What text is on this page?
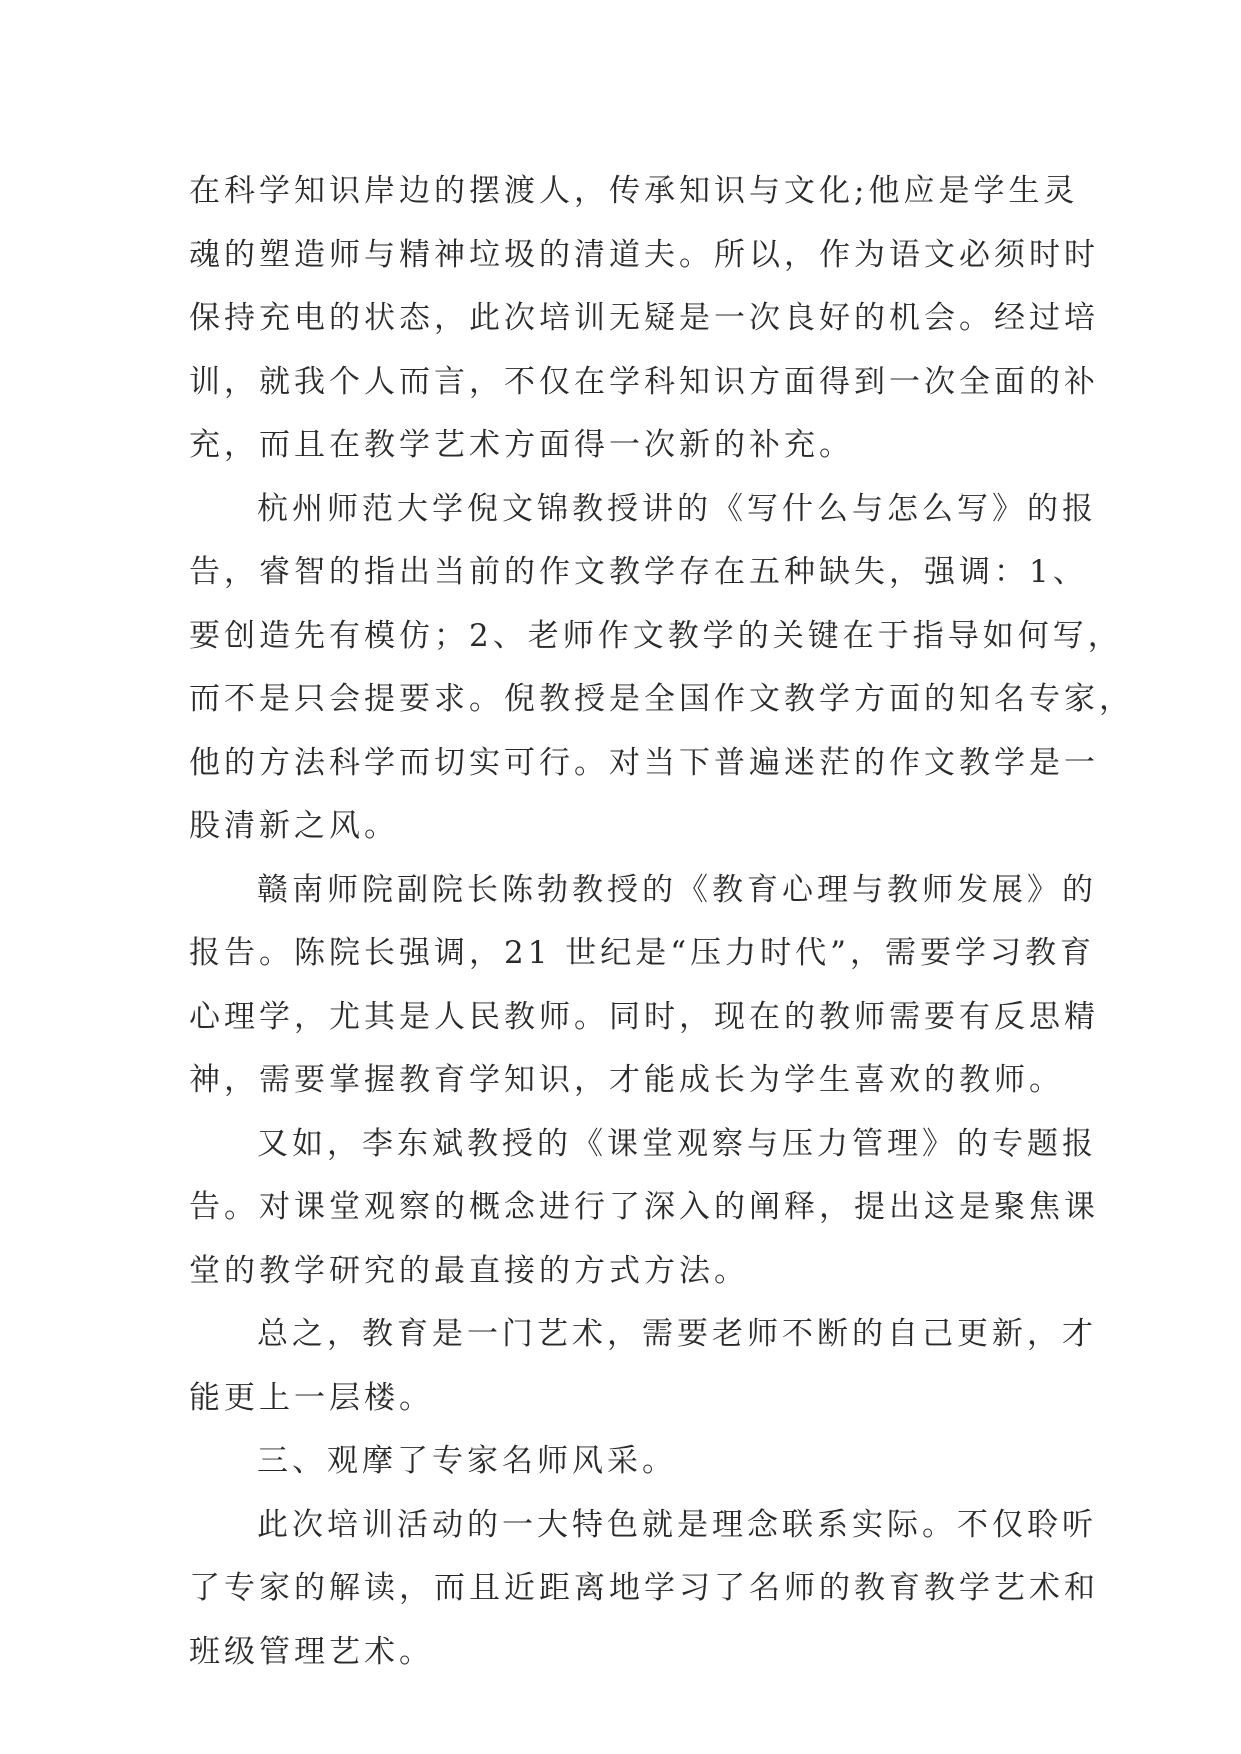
在科学知识岸边的摆渡人，传承知识与文化;他应是学生灵
魂的塑造师与精神垃圾的清道夫。所以，作为语文必须时时
保持充电的状态，此次培训无疑是一次良好的机会。经过培
训，就我个人而言，不仅在学科知识方面得到一次全面的补
充，而且在教学艺术方面得一次新的补充。
杭州师范大学倪文锦教授讲的《写什么与怎么写》的报
告，睿智的指出当前的作文教学存在五种缺失，强调：1、
要创造先有模仿；2、老师作文教学的关键在于指导如何写，
而不是只会提要求。倪教授是全国作文教学方面的知名专家，
他的方法科学而切实可行。对当下普遍迷茫的作文教学是一
股清新之风。
赣南师院副院长陈勃教授的《教育心理与教师发展》的
报告。陈院长强调，21 世纪是“压力时代”，需要学习教育
心理学，尤其是人民教师。同时，现在的教师需要有反思精
神，需要掌握教育学知识，才能成长为学生喜欢的教师。
又如，李东斌教授的《课堂观察与压力管理》的专题报
告。对课堂观察的概念进行了深入的阐释，提出这是聚焦课
堂的教学研究的最直接的方式方法。
总之，教育是一门艺术，需要老师不断的自己更新，才
能更上一层楼。
三、观摩了专家名师风采。
此次培训活动的一大特色就是理念联系实际。不仅聆听
了专家的解读，而且近距离地学习了名师的教育教学艺术和
班级管理艺术。
